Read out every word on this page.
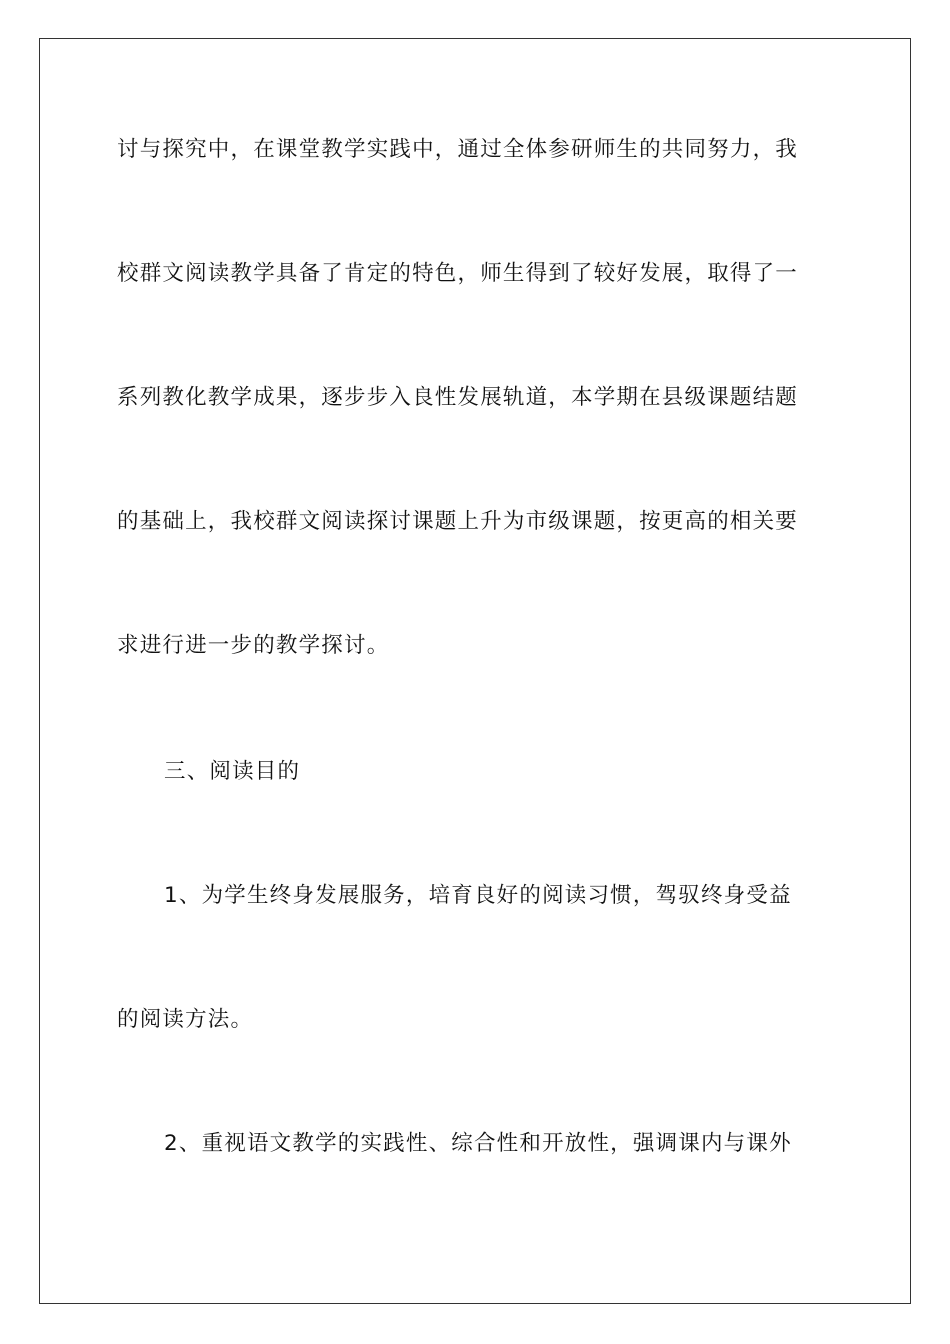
讨与探究中，在课堂教学实践中，通过全体参研师生的共同努力，我
校群文阅读教学具备了肯定的特色，师生得到了较好发展，取得了一
系列教化教学成果，逐步步入良性发展轨道，本学期在县级课题结题
的基础上，我校群文阅读探讨课题上升为市级课题，按更高的相关要
求进行进一步的教学探讨。
三、阅读目的
1、为学生终身发展服务，培育良好的阅读习惯，驾驭终身受益
的阅读方法。
2、重视语文教学的实践性、综合性和开放性，强调课内与课外
